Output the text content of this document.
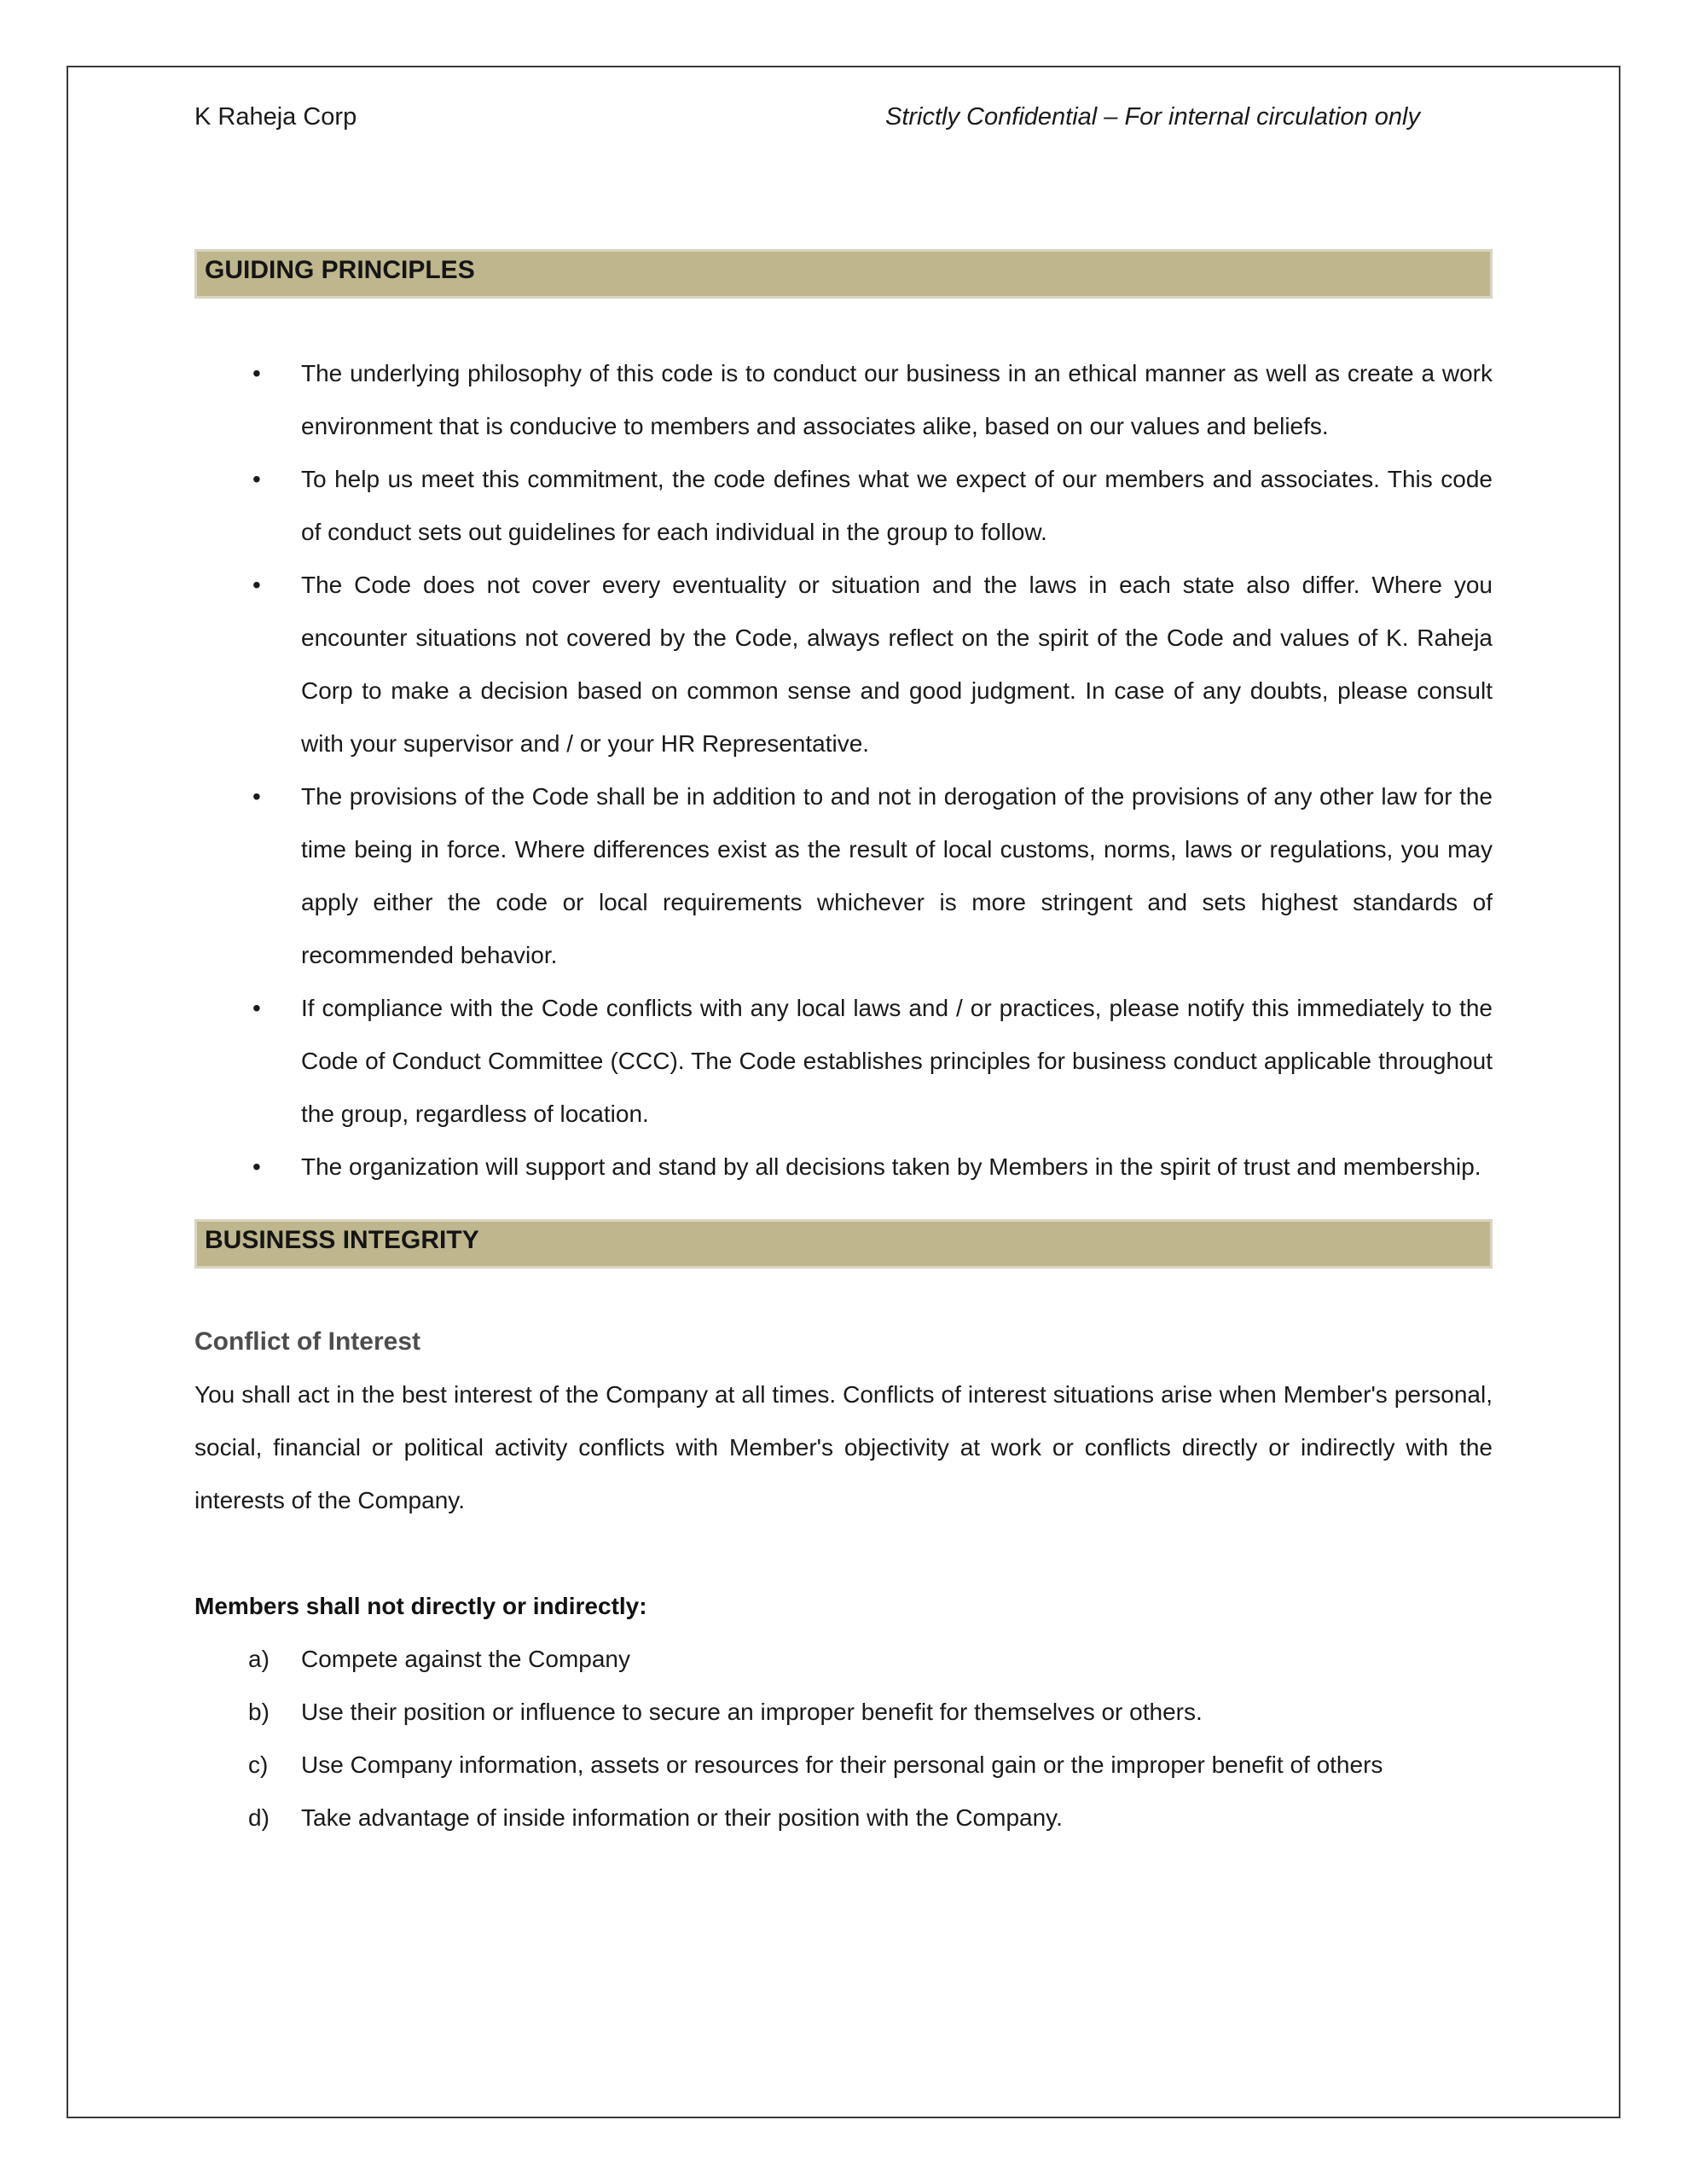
K Raheja Corp	Strictly Confidential – For internal circulation only
GUIDING PRINCIPLES
• The underlying philosophy of this code is to conduct our business in an ethical manner as well as create a work environment that is conducive to members and associates alike, based on our values and beliefs.
• To help us meet this commitment, the code defines what we expect of our members and associates. This code of conduct sets out guidelines for each individual in the group to follow.
• The Code does not cover every eventuality or situation and the laws in each state also differ. Where you encounter situations not covered by the Code, always reflect on the spirit of the Code and values of K. Raheja Corp to make a decision based on common sense and good judgment. In case of any doubts, please consult with your supervisor and / or your HR Representative.
• The provisions of the Code shall be in addition to and not in derogation of the provisions of any other law for the time being in force. Where differences exist as the result of local customs, norms, laws or regulations, you may apply either the code or local requirements whichever is more stringent and sets highest standards of recommended behavior.
• If compliance with the Code conflicts with any local laws and / or practices, please notify this immediately to the Code of Conduct Committee (CCC). The Code establishes principles for business conduct applicable throughout the group, regardless of location.
• The organization will support and stand by all decisions taken by Members in the spirit of trust and membership.
BUSINESS INTEGRITY
Conflict of Interest
You shall act in the best interest of the Company at all times. Conflicts of interest situations arise when Member's personal, social, financial or political activity conflicts with Member's objectivity at work or conflicts directly or indirectly with the interests of the Company.
Members shall not directly or indirectly:
a) Compete against the Company
b) Use their position or influence to secure an improper benefit for themselves or others.
c) Use Company information, assets or resources for their personal gain or the improper benefit of others
d) Take advantage of inside information or their position with the Company.
